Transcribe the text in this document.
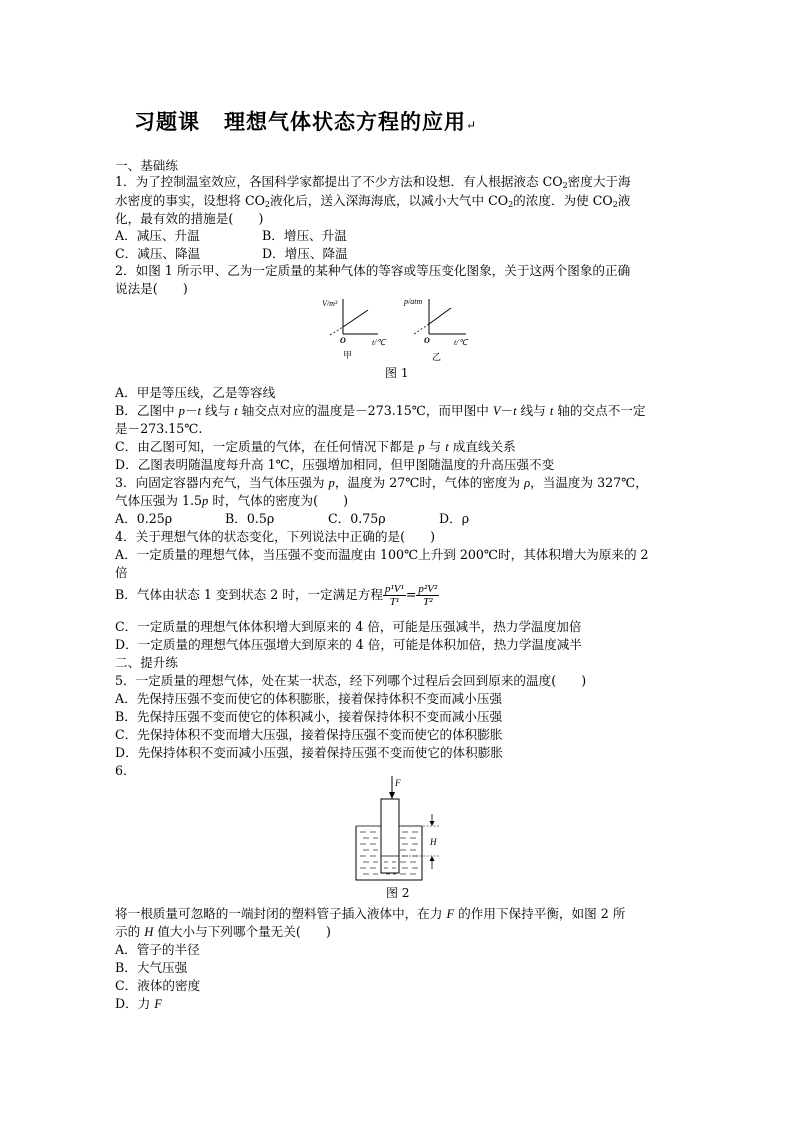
习题课 理想气体状态方程的应用↵
一、基础练
1．为了控制温室效应，各国科学家都提出了不少方法和设想．有人根据液态 $CO_2$密度大于海
水密度的事实，设想将 $CO_2$液化后，送入深海海底，以减小大气中 $CO_2$的浓度．为使 $CO_2$液
化，最有效的措施是(　　)
A．减压、升温	B．增压、升温
C．减压、降温	D．增压、降温
2．如图 1 所示甲、乙为一定质量的某种气体的等容或等压变化图象，关于这两个图象的正确
说法是(　　)
V/m³
O	t/℃
甲
p/atm
O	t/℃
乙
图 1
A．甲是等压线，乙是等容线
B．乙图中 p－t 线与 t 轴交点对应的温度是－273.15℃，而甲图中 V－t 线与 t 轴的交点不一定
是－273.15℃.
C．由乙图可知，一定质量的气体，在任何情况下都是 p 与 t 成直线关系
D．乙图表明随温度每升高 1℃，压强增加相同，但甲图随温度的升高压强不变
3．向固定容器内充气，当气体压强为 p，温度为 27℃时，气体的密度为 ρ，当温度为 327℃，
气体压强为 1.5p 时，气体的密度为(　　)
A．0.25ρ	B．0.5ρ	C．0.75ρ	D．ρ
4．关于理想气体的状态变化，下列说法中正确的是(　　)
A．一定质量的理想气体，当压强不变而温度由 100℃上升到 200℃时，其体积增大为原来的 2
倍
B．气体由状态 1 变到状态 2 时，一定满足方程 $\frac{\text{p¹V¹}}{\text{T¹}} = \frac{\text{p²V²}}{\text{T²}}$
C．一定质量的理想气体体积增大到原来的 4 倍，可能是压强减半，热力学温度加倍
D．一定质量的理想气体压强增大到原来的 4 倍，可能是体积加倍，热力学温度减半
二、提升练
5．一定质量的理想气体，处在某一状态，经下列哪个过程后会回到原来的温度(　　)
A．先保持压强不变而使它的体积膨胀，接着保持体积不变而减小压强
B．先保持压强不变而使它的体积减小，接着保持体积不变而减小压强
C．先保持体积不变而增大压强，接着保持压强不变而使它的体积膨胀
D．先保持体积不变而减小压强，接着保持压强不变而使它的体积膨胀
6.
F
H
图 2
将一根质量可忽略的一端封闭的塑料管子插入液体中，在力 F 的作用下保持平衡，如图 2 所
示的 H 值大小与下列哪个量无关(　　)
A．管子的半径
B．大气压强
C．液体的密度
D．力 F
